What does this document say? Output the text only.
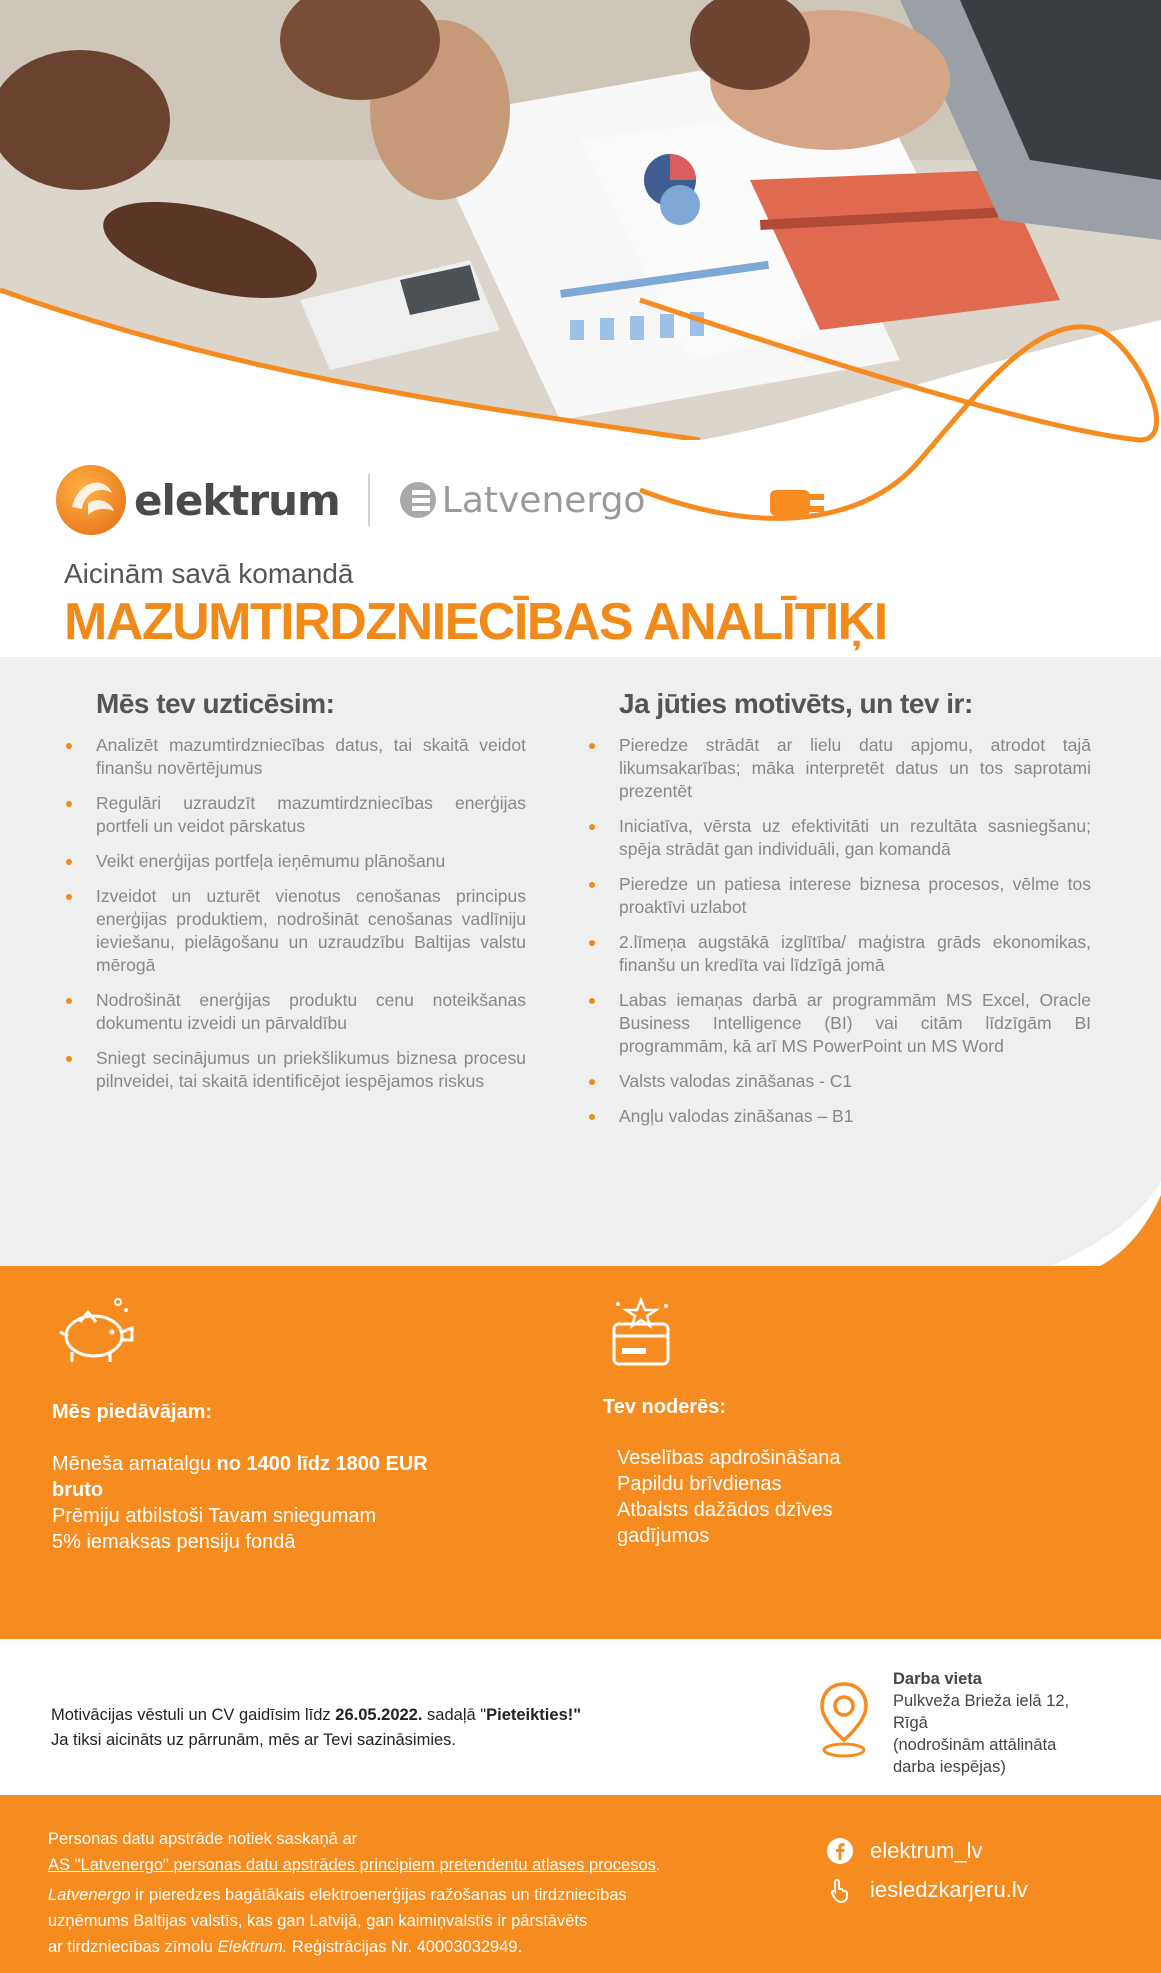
elektrum	Latvenergo
Aicinām savā komandā
MAZUMTIRDZNIECĪBAS ANALĪTIĶI
Mēs tev uzticēsim:
Analizēt mazumtirdzniecības datus, tai skaitā veidot finanšu novērtējumus
Regulāri uzraudzīt mazumtirdzniecības enerģijas portfeli un veidot pārskatus
Veikt enerģijas portfeļa ieņēmumu plānošanu
Izveidot un uzturēt vienotus cenošanas principus enerģijas produktiem, nodrošināt cenošanas vadlīniju ieviešanu, pielāgošanu un uzraudzību Baltijas valstu mērogā
Nodrošināt enerģijas produktu cenu noteikšanas dokumentu izveidi un pārvaldību
Sniegt secinājumus un priekšlikumus biznesa procesu pilnveidei, tai skaitā identificējot iespējamos riskus
Ja jūties motivēts, un tev ir:
Pieredze strādāt ar lielu datu apjomu, atrodot tajā likumsakarības; māka interpretēt datus un tos saprotami prezentēt
Iniciatīva, vērsta uz efektivitāti un rezultāta sasniegšanu; spēja strādāt gan individuāli, gan komandā
Pieredze un patiesa interese biznesa procesos, vēlme tos proaktīvi uzlabot
2.līmeņa augstākā izglītība/ maģistra grāds ekonomikas, finanšu un kredīta vai līdzīgā jomā
Labas iemaņas darbā ar programmām MS Excel, Oracle Business Intelligence (BI) vai citām līdzīgām BI programmām, kā arī MS PowerPoint un MS Word
Valsts valodas zināšanas - C1
Angļu valodas zināšanas – B1
Mēs piedāvājam:
Mēneša amatalgu no 1400 līdz 1800 EUR bruto
Prēmiju atbilstoši Tavam sniegumam
5% iemaksas pensiju fondā
Tev noderēs:
Veselības apdrošināšana
Papildu brīvdienas
Atbalsts dažādos dzīves gadījumos
Motivācijas vēstuli un CV gaidīsim līdz 26.05.2022. sadaļā "Pieteikties!"
Ja tiksi aicināts uz pārrunām, mēs ar Tevi sazināsimies.
Darba vieta
Pulkveža Brieža ielā 12, Rīgā
(nodrošinām attālināta darba iespējas)
Personas datu apstrāde notiek saskaņā ar
AS "Latvenergo" personas datu apstrādes principiem pretendentu atlases procesos.
Latvenergo ir pieredzes bagātākais elektroenerģijas ražošanas un tirdzniecības
uzņēmums Baltijas valstīs, kas gan Latvijā, gan kaimiņvalstīs ir pārstāvēts
ar tirdzniecības zīmolu Elektrum. Reģistrācijas Nr. 40003032949.
elektrum_lv
iesledzkarjeru.lv
